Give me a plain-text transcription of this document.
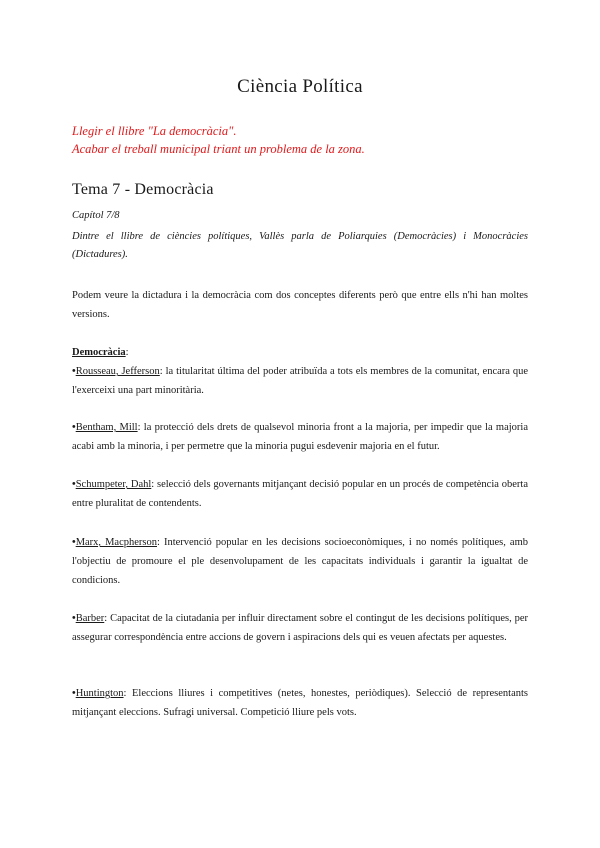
Ciència Política
Llegir el llibre "La democràcia".
Acabar el treball municipal triant un problema de la zona.
Tema 7 - Democràcia
Capítol 7/8
Dintre el llibre de ciències polítiques, Vallès parla de Poliarquies (Democràcies) i Monocràcies (Dictadures).
Podem veure la dictadura i la democràcia com dos conceptes diferents però que entre ells n'hi han moltes versions.
Democràcia:
•Rousseau, Jefferson: la titularitat última del poder atribuïda a tots els membres de la comunitat, encara que l'exerceixi una part minoritària.
•Bentham, Mill: la protecció dels drets de qualsevol minoria front a la majoria, per impedir que la majoria acabi amb la minoria, i per permetre que la minoria pugui esdevenir majoria en el futur.
•Schumpeter, Dahl: selecció dels governants mitjançant decisió popular en un procés de competència oberta entre pluralitat de contendents.
•Marx, Macpherson: Intervenció popular en les decisions socioeconòmiques, i no només polítiques, amb l'objectiu de promoure el ple desenvolupament de les capacitats individuals i garantir la igualtat de condicions.
•Barber: Capacitat de la ciutadania per influir directament sobre el contingut de les decisions polítiques, per assegurar correspondència entre accions de govern i aspiracions dels qui es veuen afectats per aquestes.
•Huntington: Eleccions lliures i competitives (netes, honestes, periòdiques). Selecció de representants mitjançant eleccions. Sufragi universal. Competició lliure pels vots.
